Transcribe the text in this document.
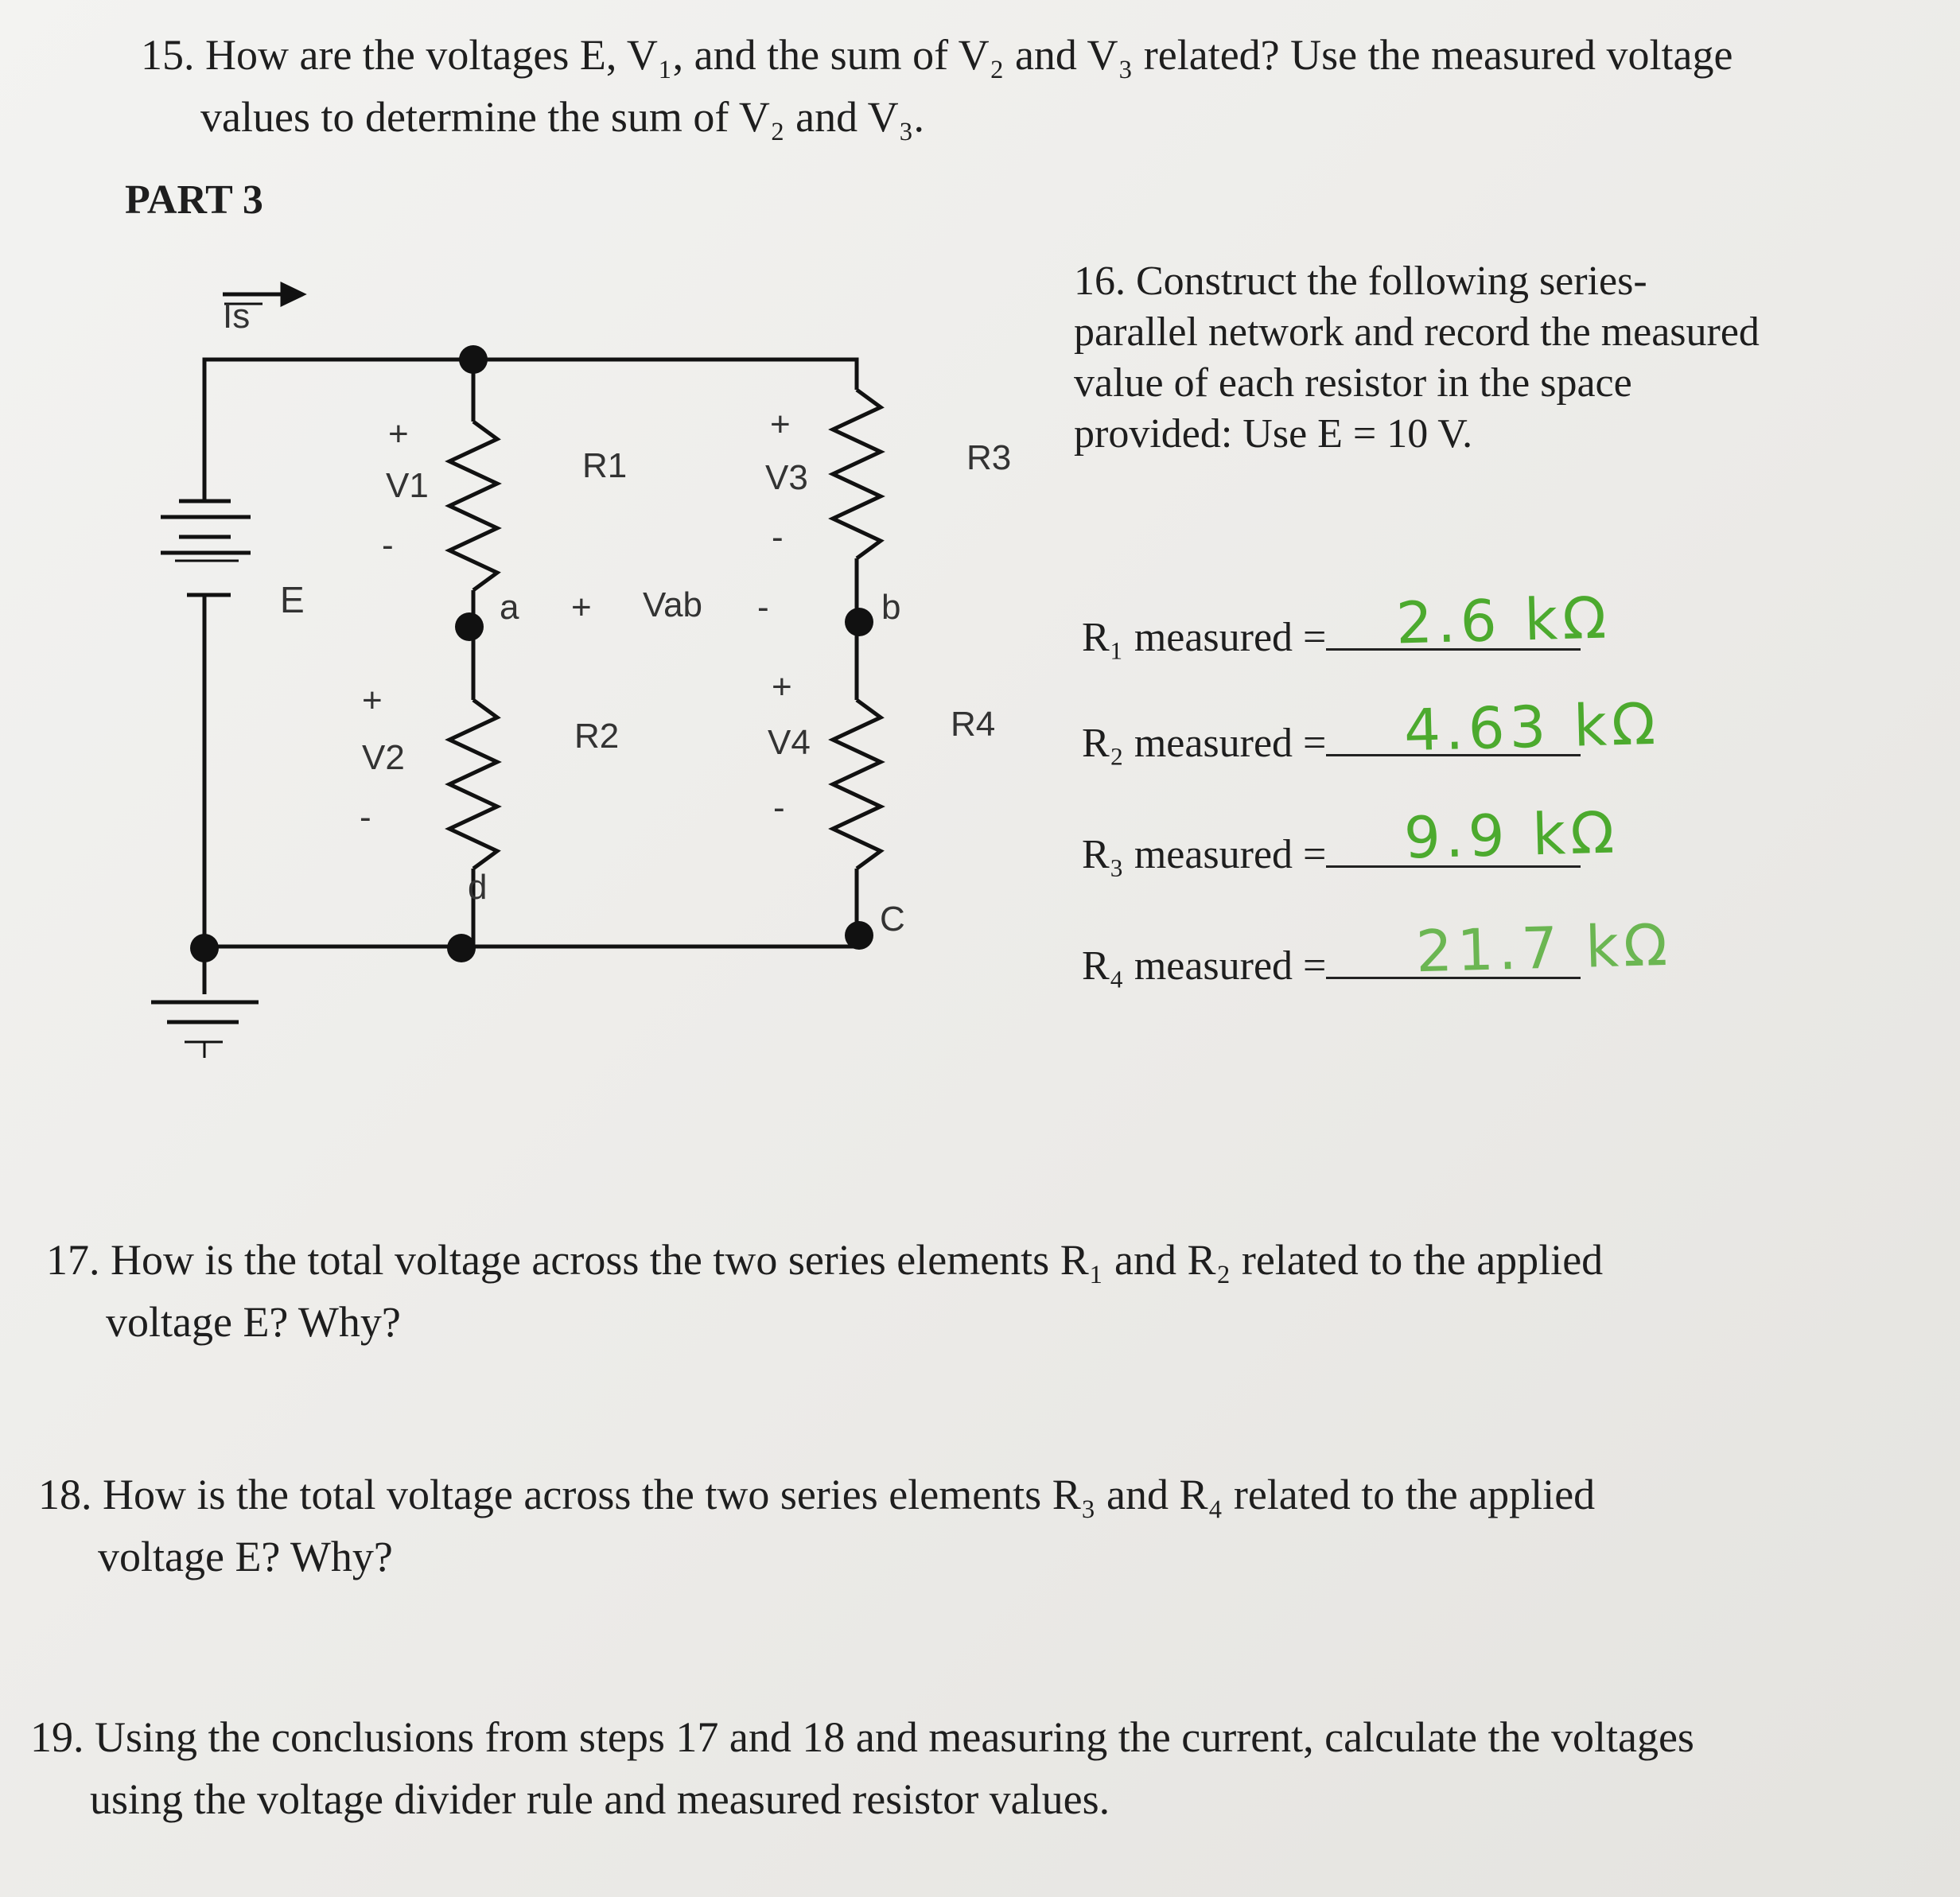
15. How are the voltages E, V₁, and the sum of V₂ and V₃ related? Use the measured voltage
values to determine the sum of V₂ and V₃.
PART 3
Is
E
+
V1
-
R1
+
V3
-
R3
a + Vab -	b
+
V2
-
R2
+
V4
-
R4
d
C
16. Construct the following series-
parallel network and record the measured
value of each resistor in the space
provided: Use E = 10 V.
R₁ measured =	2.6 kΩ
R₂ measured =	4.63 kΩ
R₃ measured =	9.9 kΩ
R₄ measured =	21.7 kΩ
17. How is the total voltage across the two series elements R₁ and R₂ related to the applied
voltage E? Why?
18. How is the total voltage across the two series elements R₃ and R₄ related to the applied
voltage E? Why?
19. Using the conclusions from steps 17 and 18 and measuring the current, calculate the voltages
using the voltage divider rule and measured resistor values.
